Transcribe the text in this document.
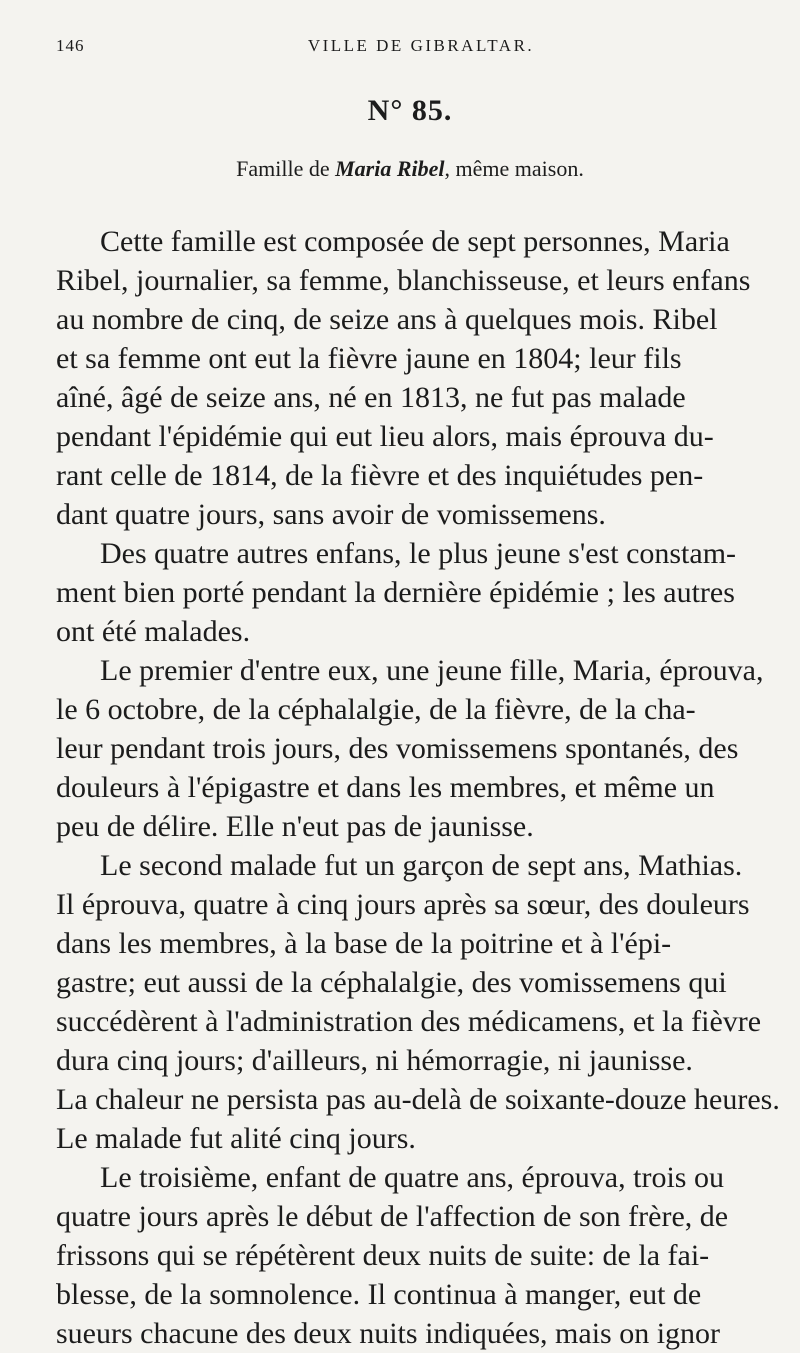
146	VILLE DE GIBRALTAR.
N° 85.
Famille de Maria Ribel, même maison.
Cette famille est composée de sept personnes, Maria
Ribel, journalier, sa femme, blanchisseuse, et leurs enfans
au nombre de cinq, de seize ans à quelques mois. Ribel
et sa femme ont eut la fièvre jaune en 1804; leur fils
aîné, âgé de seize ans, né en 1813, ne fut pas malade
pendant l'épidémie qui eut lieu alors, mais éprouva du-
rant celle de 1814, de la fièvre et des inquiétudes pen-
dant quatre jours, sans avoir de vomissemens.
Des quatre autres enfans, le plus jeune s'est constam-
ment bien porté pendant la dernière épidémie ; les autres
ont été malades.
Le premier d'entre eux, une jeune fille, Maria, éprouva,
le 6 octobre, de la céphalalgie, de la fièvre, de la cha-
leur pendant trois jours, des vomissemens spontanés, des
douleurs à l'épigastre et dans les membres, et même un
peu de délire. Elle n'eut pas de jaunisse.
Le second malade fut un garçon de sept ans, Mathias.
Il éprouva, quatre à cinq jours après sa sœur, des douleurs
dans les membres, à la base de la poitrine et à l'épi-
gastre; eut aussi de la céphalalgie, des vomissemens qui
succédèrent à l'administration des médicamens, et la fièvre
dura cinq jours; d'ailleurs, ni hémorragie, ni jaunisse.
La chaleur ne persista pas au-delà de soixante-douze heures.
Le malade fut alité cinq jours.
Le troisième, enfant de quatre ans, éprouva, trois ou
quatre jours après le début de l'affection de son frère, de
frissons qui se répétèrent deux nuits de suite: de la fai-
blesse, de la somnolence. Il continua à manger, eut de
sueurs chacune des deux nuits indiquées, mais on ignor
